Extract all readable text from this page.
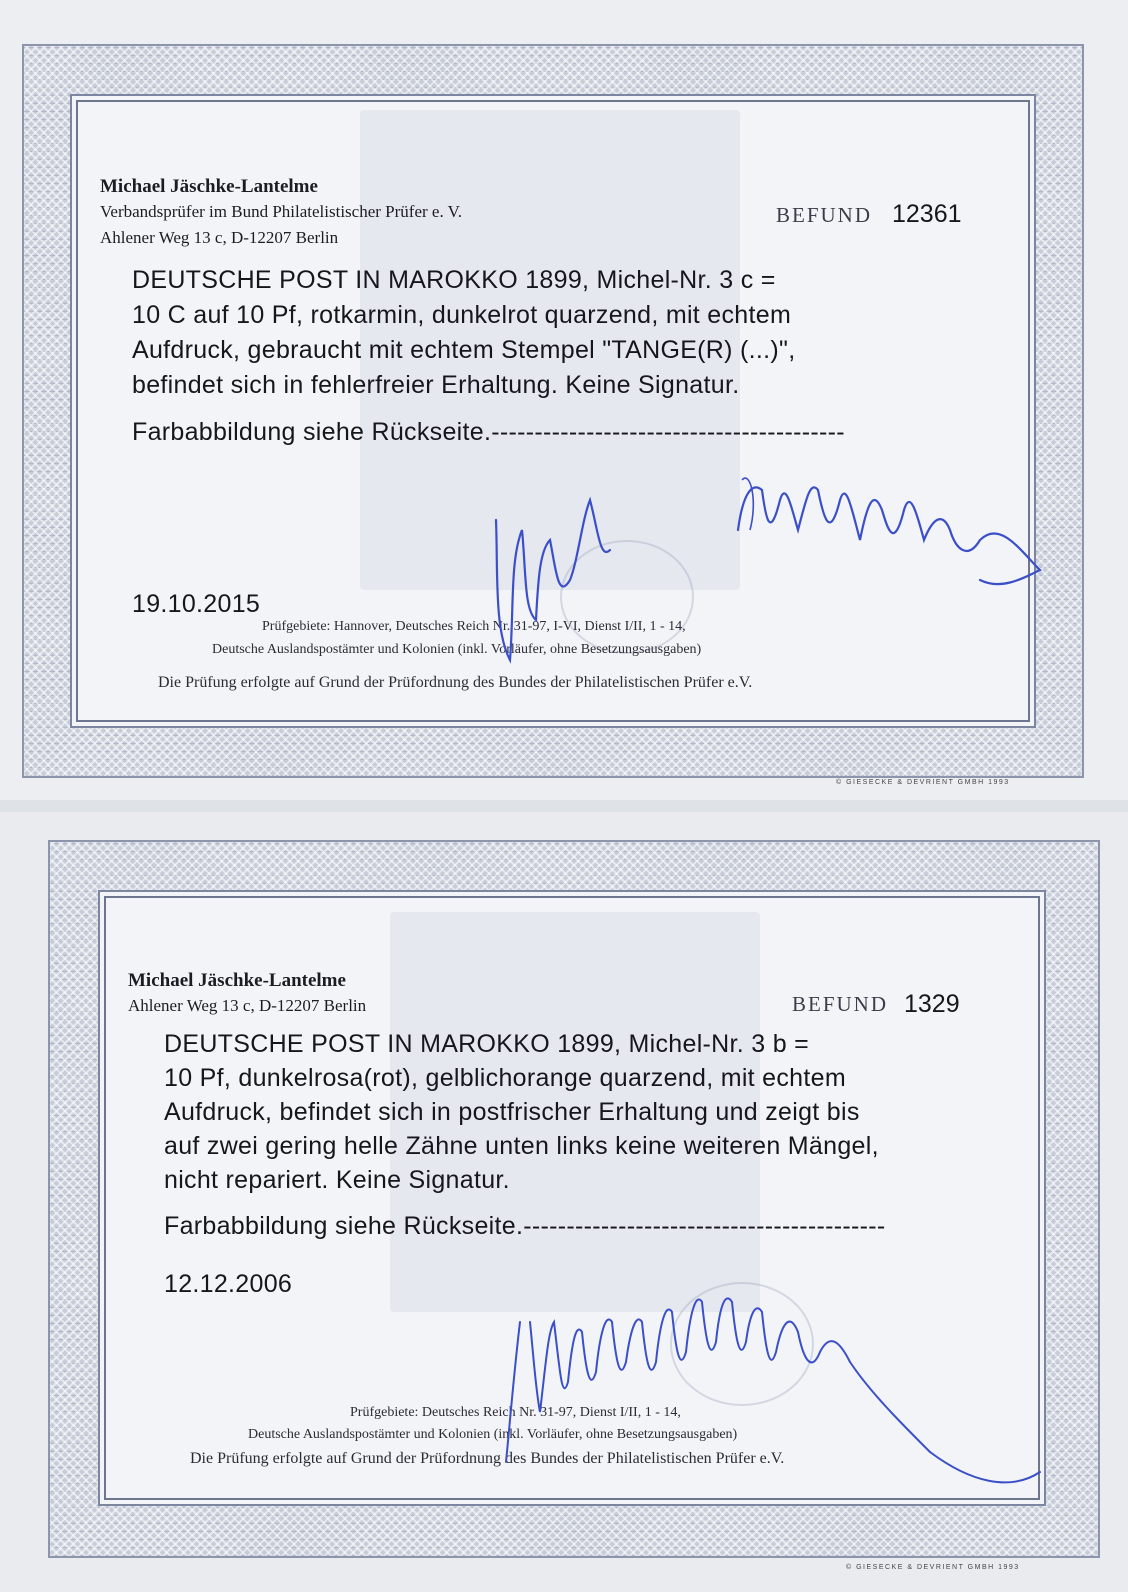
Michael Jäschke-Lantelme
Verbandsprüfer im Bund Philatelistischer Prüfer e. V.
Ahlener Weg 13 c, D-12207 Berlin
BEFUND 12361
DEUTSCHE POST IN MAROKKO 1899, Michel-Nr. 3 c =
10 C auf 10 Pf, rotkarmin, dunkelrot quarzend, mit echtem
Aufdruck, gebraucht mit echtem Stempel "TANGE(R) (...)",
befindet sich in fehlerfreier Erhaltung. Keine Signatur.
Farbabbildung siehe Rückseite.-----------------------------------------
19.10.2015
Prüfgebiete: Hannover, Deutsches Reich Nr. 31-97, I-VI, Dienst I/II, 1 - 14,
Deutsche Auslandspostämter und Kolonien (inkl. Vorläufer, ohne Besetzungsausgaben)
Die Prüfung erfolgte auf Grund der Prüfordnung des Bundes der Philatelistischen Prüfer e.V.
© GIESECKE & DEVRIENT GMBH 1993
Michael Jäschke-Lantelme
Ahlener Weg 13 c, D-12207 Berlin	BEFUND 1329
DEUTSCHE POST IN MAROKKO 1899, Michel-Nr. 3 b =
10 Pf, dunkelrosa(rot), gelblichorange quarzend, mit echtem
Aufdruck, befindet sich in postfrischer Erhaltung und zeigt bis
auf zwei gering helle Zähne unten links keine weiteren Mängel,
nicht repariert. Keine Signatur.
Farbabbildung siehe Rückseite.------------------------------------------
12.12.2006
Prüfgebiete: Deutsches Reich Nr. 31-97, Dienst I/II, 1 - 14,
Deutsche Auslandspostämter und Kolonien (inkl. Vorläufer, ohne Besetzungsausgaben)
Die Prüfung erfolgte auf Grund der Prüfordnung des Bundes der Philatelistischen Prüfer e.V.
© GIESECKE & DEVRIENT GMBH 1993
